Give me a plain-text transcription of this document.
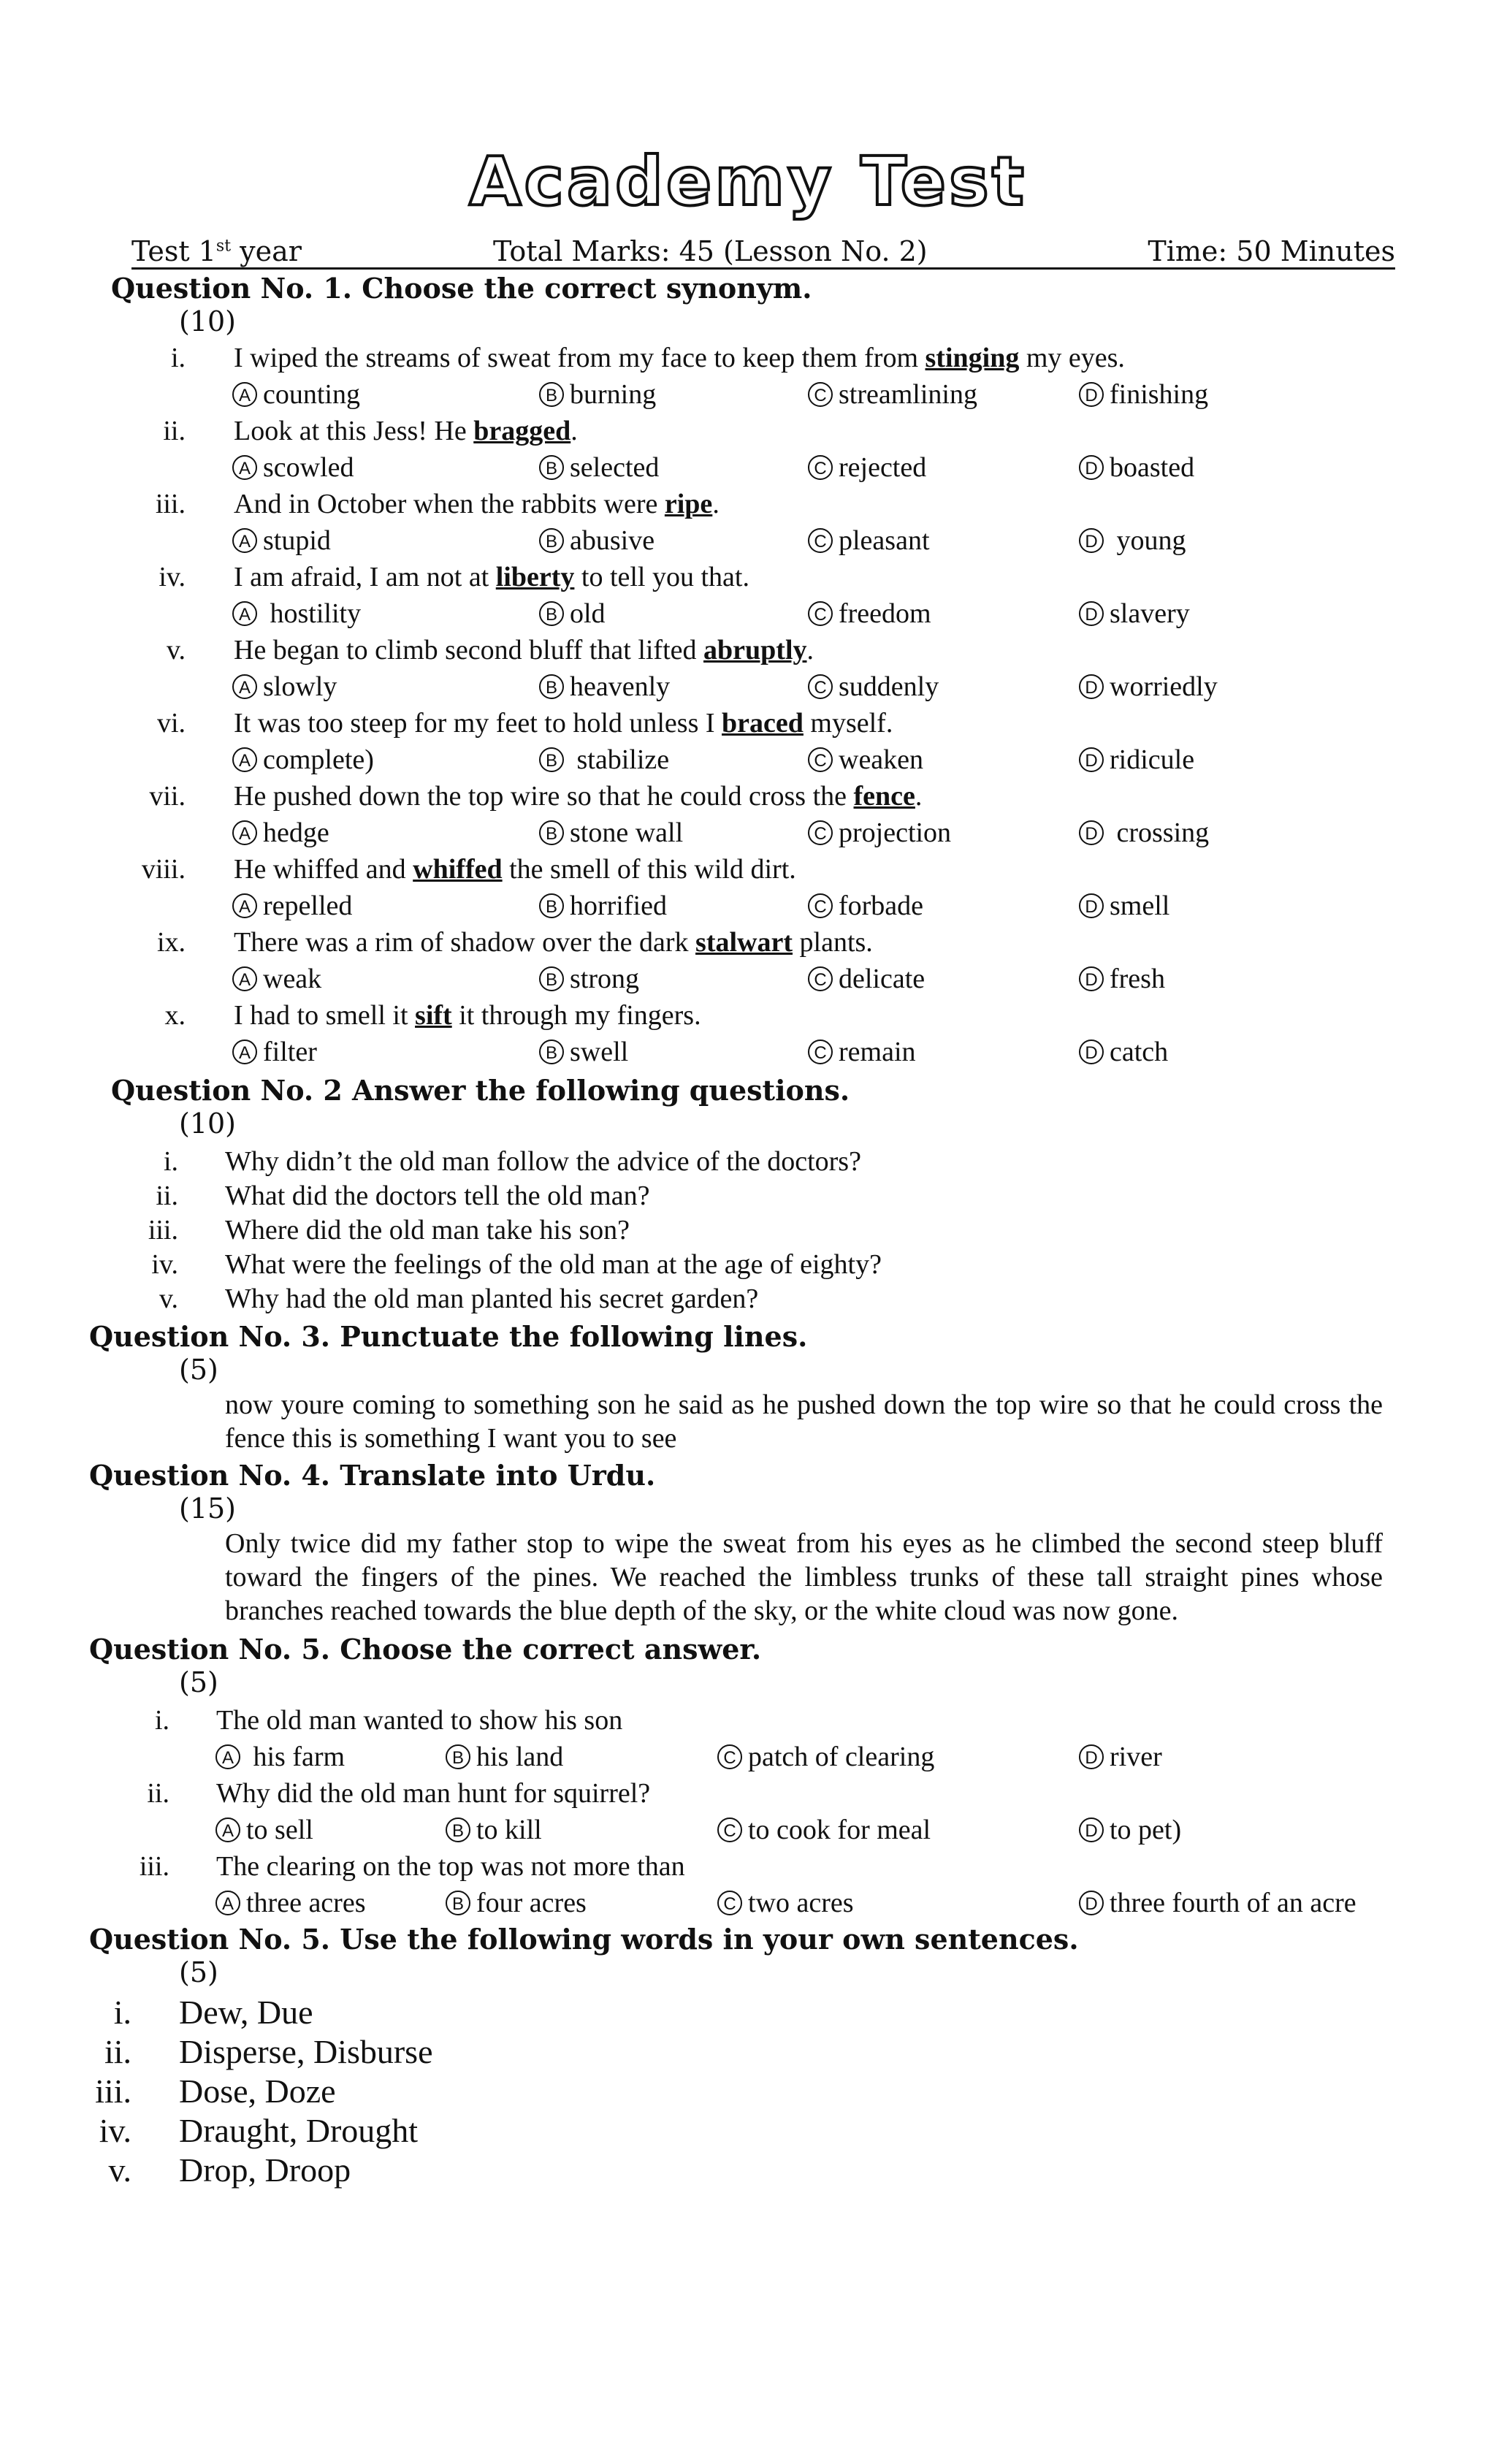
Academy Test
Test 1st year	Total Marks: 45 (Lesson No. 2)	Time: 50 Minutes
Question No. 1. Choose the correct synonym.
(10)
i. I wiped the streams of sweat from my face to keep them from stinging my eyes.
A counting	B burning	C streamlining	D finishing
ii. Look at this Jess! He bragged.
A scowled	B selected	C rejected	D boasted
iii. And in October when the rabbits were ripe.
A stupid	B abusive	C pleasant	D young
iv. I am afraid, I am not at liberty to tell you that.
A hostility	B old	C freedom	D slavery
v. He began to climb second bluff that lifted abruptly.
A slowly	B heavenly	C suddenly	D worriedly
vi. It was too steep for my feet to hold unless I braced myself.
A complete)	B stabilize	C weaken	D ridicule
vii. He pushed down the top wire so that he could cross the fence.
A hedge	B stone wall	C projection	D crossing
viii. He whiffed and whiffed the smell of this wild dirt.
A repelled	B horrified	C forbade	D smell
ix. There was a rim of shadow over the dark stalwart plants.
A weak	B strong	C delicate	D fresh
x. I had to smell it sift it through my fingers.
A filter	B swell	C remain	D catch
Question No. 2 Answer the following questions.
(10)
i. Why didn’t the old man follow the advice of the doctors?
ii. What did the doctors tell the old man?
iii. Where did the old man take his son?
iv. What were the feelings of the old man at the age of eighty?
v. Why had the old man planted his secret garden?
Question No. 3. Punctuate the following lines.
(5)
now youre coming to something son he said as he pushed down the top wire so that he could cross the fence this is something I want you to see
Question No. 4. Translate into Urdu.
(15)
Only twice did my father stop to wipe the sweat from his eyes as he climbed the second steep bluff toward the fingers of the pines. We reached the limbless trunks of these tall straight pines whose branches reached towards the blue depth of the sky, or the white cloud was now gone.
Question No. 5. Choose the correct answer.
(5)
i. The old man wanted to show his son
A his farm	B his land	C patch of clearing	D river
ii. Why did the old man hunt for squirrel?
A to sell	B to kill	C to cook for meal	D to pet)
iii. The clearing on the top was not more than
A three acres	B four acres	C two acres	D three fourth of an acre
Question No. 5. Use the following words in your own sentences.
(5)
i. Dew, Due
ii. Disperse, Disburse
iii. Dose, Doze
iv. Draught, Drought
v. Drop, Droop
